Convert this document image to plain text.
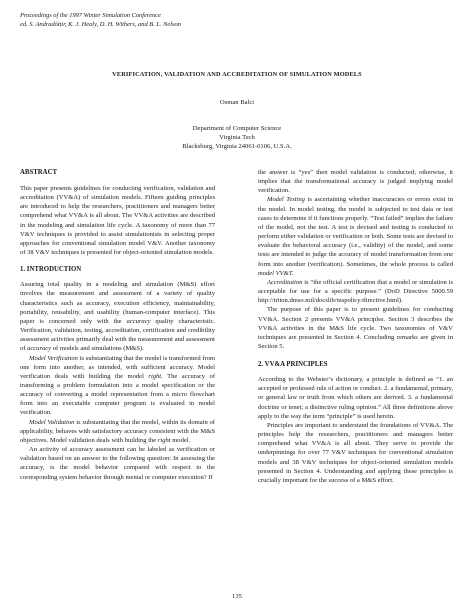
Proceedings of the 1997 Winter Simulation Conference
ed. S. Andradóttir, K. J. Healy, D. H. Withers, and B. L. Nelson
VERIFICATION, VALIDATION AND ACCREDITATION OF SIMULATION MODELS
Osman Balci
Department of Computer Science
Virginia Tech
Blacksburg, Virginia 24061-0106, U.S.A.
ABSTRACT

This paper presents guidelines for conducting verification, validation and accreditation (VV&A) of simulation models. Fifteen guiding principles are introduced to help the researchers, practitioners and managers better comprehend what VV&A is all about. The VV&A activities are described in the modeling and simulation life cycle. A taxonomy of more than 77 V&V techniques is provided to assist simulationists in selecting proper approaches for conventional simulation model V&V. Another taxonomy of 38 V&V techniques is presented for object-oriented simulation models.

1. INTRODUCTION

Assuring total quality in a modeling and simulation (M&S) effort involves the measurement and assessment of a variety of quality characteristics such as accuracy, execution efficiency, maintainability, portability, reusability, and usability (human-computer interface). This paper is concerned only with the accuracy quality characteristic. Verification, validation, testing, accreditation, certification and credibility assessment activities primarily deal with the measurement and assessment of accuracy of models and simulations (M&S).

Model Verification is substantiating that the model is transformed from one form into another, as intended, with sufficient accuracy. Model verification deals with building the model right. The accuracy of transforming a problem formulation into a model specification or the accuracy of converting a model representation from a micro flowchart form into an executable computer program is evaluated in model verification.

Model Validation is substantiating that the model, within its domain of applicability, behaves with satisfactory accuracy consistent with the M&S objectives. Model validation deals with building the right model.

An activity of accuracy assessment can be labeled as verification or validation based on an answer to the following question: In assessing the accuracy, is the model behavior compared with respect to the corresponding system behavior through mental or computer execution? If

the answer is “yes” then model validation is conducted; otherwise, it implies that the transformational accuracy is judged implying model verification.

Model Testing is ascertaining whether inaccuracies or errors exist in the model. In model testing, the model is subjected to test data or test cases to determine if it functions properly. “Test failed” implies the failure of the model, not the test. A test is devised and testing is conducted to perform either validation or verification or both. Some tests are devised to evaluate the behavioral accuracy (i.e., validity) of the model, and some tests are intended to judge the accuracy of model transformation from one form into another (verification). Sometimes, the whole process is called model VV&T.

Accreditation is “the official certification that a model or simulation is acceptable for use for a specific purpose.” (DoD Directive 5000.59 http://triton.dmso.mil/docslib/mspolicy/directive.html).

The purpose of this paper is to present guidelines for conducting VV&A. Section 2 presents VV&A principles. Section 3 describes the VV&A activities in the M&S life cycle. Two taxonomies of V&V techniques are presented in Section 4. Concluding remarks are given in Section 5.

2. VV&A PRINCIPLES

According to the Webster’s dictionary, a principle is defined as “1. an accepted or professed rule of action or conduct. 2. a fundamental, primary, or general law or truth from which others are derived. 3. a fundamental doctrine or tenet; a distinctive ruling opinion.” All three definitions above apply to the way the term “principle” is used herein.

Principles are important to understand the foundations of VV&A. The principles help the researchers, practitioners and managers better comprehend what VV&A is all about. They serve to provide the underpinnings for over 77 V&V techniques for conventional simulation models and 38 V&V techniques for object-oriented simulation models presented in Section 4. Understanding and applying these principles is crucially important for the success of a M&S effort.

135
